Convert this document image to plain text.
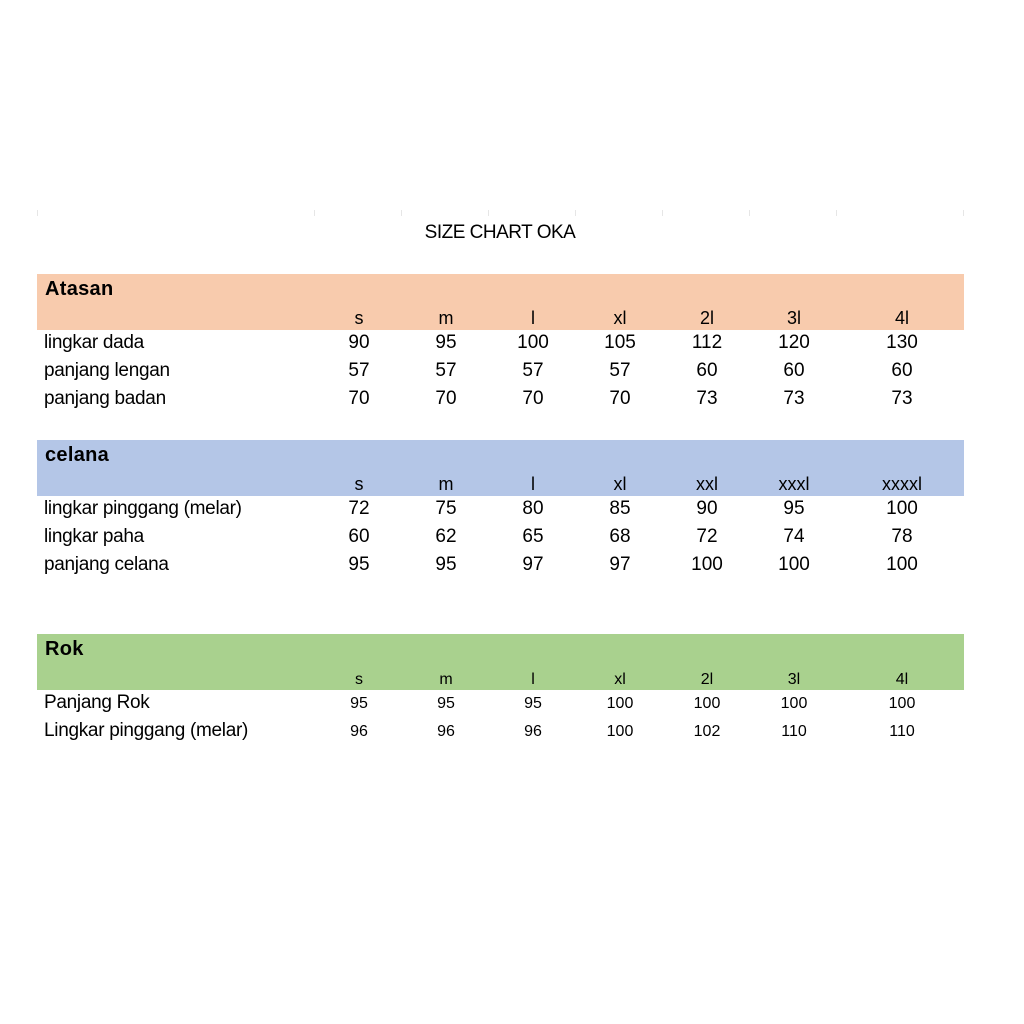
SIZE CHART OKA
Atasan
s	m	l	xl	2l	3l	4l
lingkar dada	90	95	100	105	112	120	130
panjang lengan	57	57	57	57	60	60	60
panjang badan	70	70	70	70	73	73	73
celana
s	m	l	xl	xxl	xxxl	xxxxl
lingkar pinggang (melar)	72	75	80	85	90	95	100
lingkar paha	60	62	65	68	72	74	78
panjang celana	95	95	97	97	100	100	100
Rok
s	m	l	xl	2l	3l	4l
Panjang Rok	95	95	95	100	100	100	100
Lingkar pinggang (melar)	96	96	96	100	102	110	110
